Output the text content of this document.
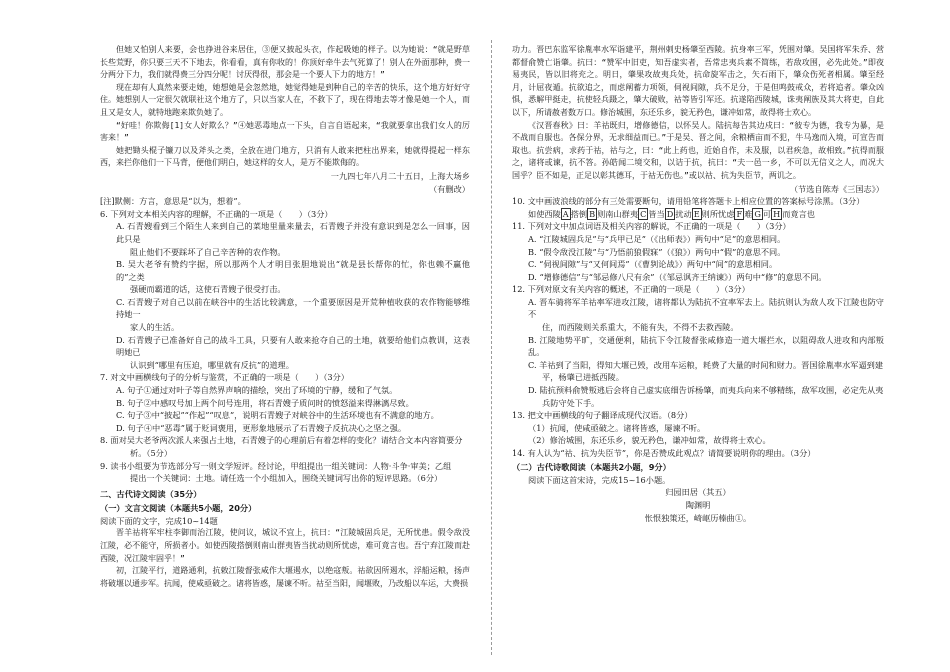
但她又怕别人来要，会也挣进谷来居住，③便又披起头衣，作起吸她的样子。以为她说：“就是野草长些荒野，你只要三天不下地去，你看看，真有你收的！你顶好牵牛去气死算了！别人在外面那种，费一分两分下力，我们就得费三分四分呢！讨厌得很，那会是一个要人下力的地方！”

现在却有人真然来要走她，她想她是会忽然地，她觉得她是到种自己的辛苦的快乐，这个地方好好守住。她想别人一定很欠就联社这个地方了，只以当家人在，不救下了，现在得地去等才像是她一个人，而且又是女人，就特地跑来欺负她了。

“好哇！你欺侮[1]女人好欺么？”④她恶毒地点一下头，自言自语起来，“我就要拿出我们女人的厉害来！”

她把锄头棍子镰刀以及斧头之类，全放在进门地方，只消有人敢来把柱出界来，她就得提起一样东西，来拦你他们一下马背，便他们明白，她这样的女人，是万不能欺侮的。

一九四七年八月二十五日，上海大场乡

（有删改）

[注]默侧：方言，意思是“以为，想着”。

6. 下列对文本相关内容的理解，不正确的一项是（　　）（3分）

A. 石青嫂看到三个陌生人来到自己的菜地里量来量去，石青嫂子并没有意识到是怎么一回事，因此只是

阻止他们不要踩坏了自己辛苦种的农作物。

B. 吴大老爷有赞约字据，所以那两个人才明目张胆地说出“就是县长帮你的忙，你也赖不赢他的”之类

强硬而霸道的话，这使石青嫂子很受打击。

C. 石青嫂子对自己以前在峡谷中的生活比较满意，一个重要原因是开荒种植收获的农作物能够维持她一

家人的生活。

D. 石青嫂子已准备好自己的战斗工具，只要有人敢来抢夺自己的土地，就要给他们点教训，这表明她已

认识到“哪里有压迫，哪里就有反抗”的道理。

7. 对文中画横线句子的分析与鉴赏，不正确的一项是（　　）（3分）

A. 句子①通过对叶子等自然界声响的描绘，突出了环境的宁静，缓和了气氛。

B. 句子②中感叹号加上两个问号连用，将石青嫂子质问时的愤怒溢来得淋漓尽致。

C. 句子③中“披起”“作起”“叹息”，说明石青嫂子对峡谷中的生活环境也有不满意的地方。

D. 句子④中“恶毒”属于贬词褒用，更形象地展示了石青嫂子反抗决心之坚之强。

8. 面对吴大老爷两次派人来强占土地，石青嫂子的心理前后有着怎样的变化？请结合文本内容简要分

析。（5分）

9. 读书小组要为节选部分写一则文学短评。经讨论，甲组提出一组关键词：人物·斗争·审美；乙组

提出一个关键词：土地。请任选一个小组加入，围绕关键词写出你的短评思路。（6分）

二、古代诗文阅读（35分）

（一）文言文阅读（本题共5小题，20分）

阅读下面的文字，完成10~14题

晋羊祜将军牢柱李御而治江陵，使问议，城议不宜上，抗曰：“江陵城固兵足，无所忧患。假令敌没江陵，必不能守，所损者小。如使西陵搭倒则南山群夷皆当扰动则所忧虑，难可竟言也。吾宁弃江陵而赴西陵，况江陵牢固乎！”

初，江陵平行，道路通利，抗敕江陵督张咸作大堰遏水，以绝寇叛。祜欲因所遏水，浮船运粮，扬声将破堰以通步军。抗闻，使咸亟破之。诸将皆惑，屡谏不听。祜至当阳，闻堰败，乃改船以车运，大费损

功力。晋巴东监军徐胤率水军诣建平，荆州刺史杨肇至西陵。抗身率三军，凭围对肇。吴国将军朱乔、营都督俞赞亡诣肇。抗曰：“赞军中旧吏，知吾虚实者，吾常忠夷兵素不简练，若敌攻围，必先此处。”即夜易夷民，皆以旧将充之。明日，肇果攻故夷兵处，抗命旋军击之，矢石雨下，肇众伤死者相属。肇至经月，计屈夜遁。抗欲追之，而虑阐蓄力项领，伺视间隙，兵不足分，于是但鸣鼓戒众，若将追者。肇众凶惧，悉解甲挺走，抗使轻兵蹑之，肇大破败，祜等皆引军还。抗遂陷西陵城，诛夷阐族及其大将吏，自此以下，所请赦者数万口。修治城围，东还乐乡，貌无矜色，谦冲如常，故得将士欢心。

《汉晋春秋》曰：羊祜既归，增修德信，以怀吴人。陆抗每告其边戍曰：“彼专为德，我专为暴，是不战而自服也。各保分界，无求细益而已。”于是吴、晋之间，余粮栖亩而不犯，牛马逸而入境，可宣告而取也。抗尝病，求药于祜，祜与之，曰：“此上药也，近始自作，未及服，以君疾急，故相致。”抗得而服之，诸将或谏，抗不答。孙皓闻二境交和，以诘于抗，抗曰：“夫一邑一乡，不可以无信义之人，而况大国乎？臣不如是，正足以彰其德耳，于祜无伤也。”或以祜、抗为失臣节，两讥之。

（节选自陈寿《三国志》）

10. 文中画波浪线的部分有三处需要断句，请用铅笔将答题卡上相应位置的答案标号涂黑。（3分）

如使西陵 A 搭倒 B 则南山群夷 C 皆当 D 扰动 E 则所忧虑 F 难 G 可 H 而竟言也

11. 下列对文中加点词语及相关内容的解说，不正确的一项是（　　）（3分）

A. “江陵城固兵足”与“兵甲已足”（《出师表》）两句中“足”的意思相同。

B. “假令敌没江陵”与“乃悟前狼假寐”（《狼》）两句中“假”的意思不同。

C. “伺视间隙”与“又何间焉”（《曹刿论战》）两句中“间”的意思相同。

D. “增修德信”与“邹忌修八尺有余”（《邹忌讽齐王纳谏》）两句中“修”的意思不同。

12. 下列对原文有关内容的概述，不正确的一项是（　　）（3分）

A. 晋车骑将军羊祜率军进攻江陵，诸将都认为陆抗不宜率军去上。陆抗则认为敌人攻下江陵也防守不

住，而西陵则关系重大，不能有失，不得不去救西陵。

B. 江陵地势平旷，交通便利，陆抗下令江陵督张咸修造一道大堰拦水，以阻碍敌人进攻和内部叛乱。

C. 羊祜到了当阳，得知大堰已毁，改用车运粮，耗费了大量的时间和财力。晋国徐胤率水军逼到建

平，杨肇已进抵西陵。

D. 陆抗预料俞赞叛逃后会将自己虚实底细告诉杨肇，而夷兵向来不够精练，敌军攻围，必定先从夷

兵防守处下手。

13. 把文中画横线的句子翻译成现代汉语。（8分）

（1）抗闻，使咸亟破之。诸将皆惑，屡谏不听。

（2）修治城围，东还乐乡，貌无矜色，谦冲如常，故得将士欢心。

14. 有人认为“祜、抗为失臣节”，你是否赞成此观点？请简要说明你的理由。（3分）

（二）古代诗歌阅读（本题共2小题，9分）

阅读下面这首宋诗，完成15~16小题。

归园田居（其五）

陶渊明

怅恨独策还，崎岖历榛曲①。
